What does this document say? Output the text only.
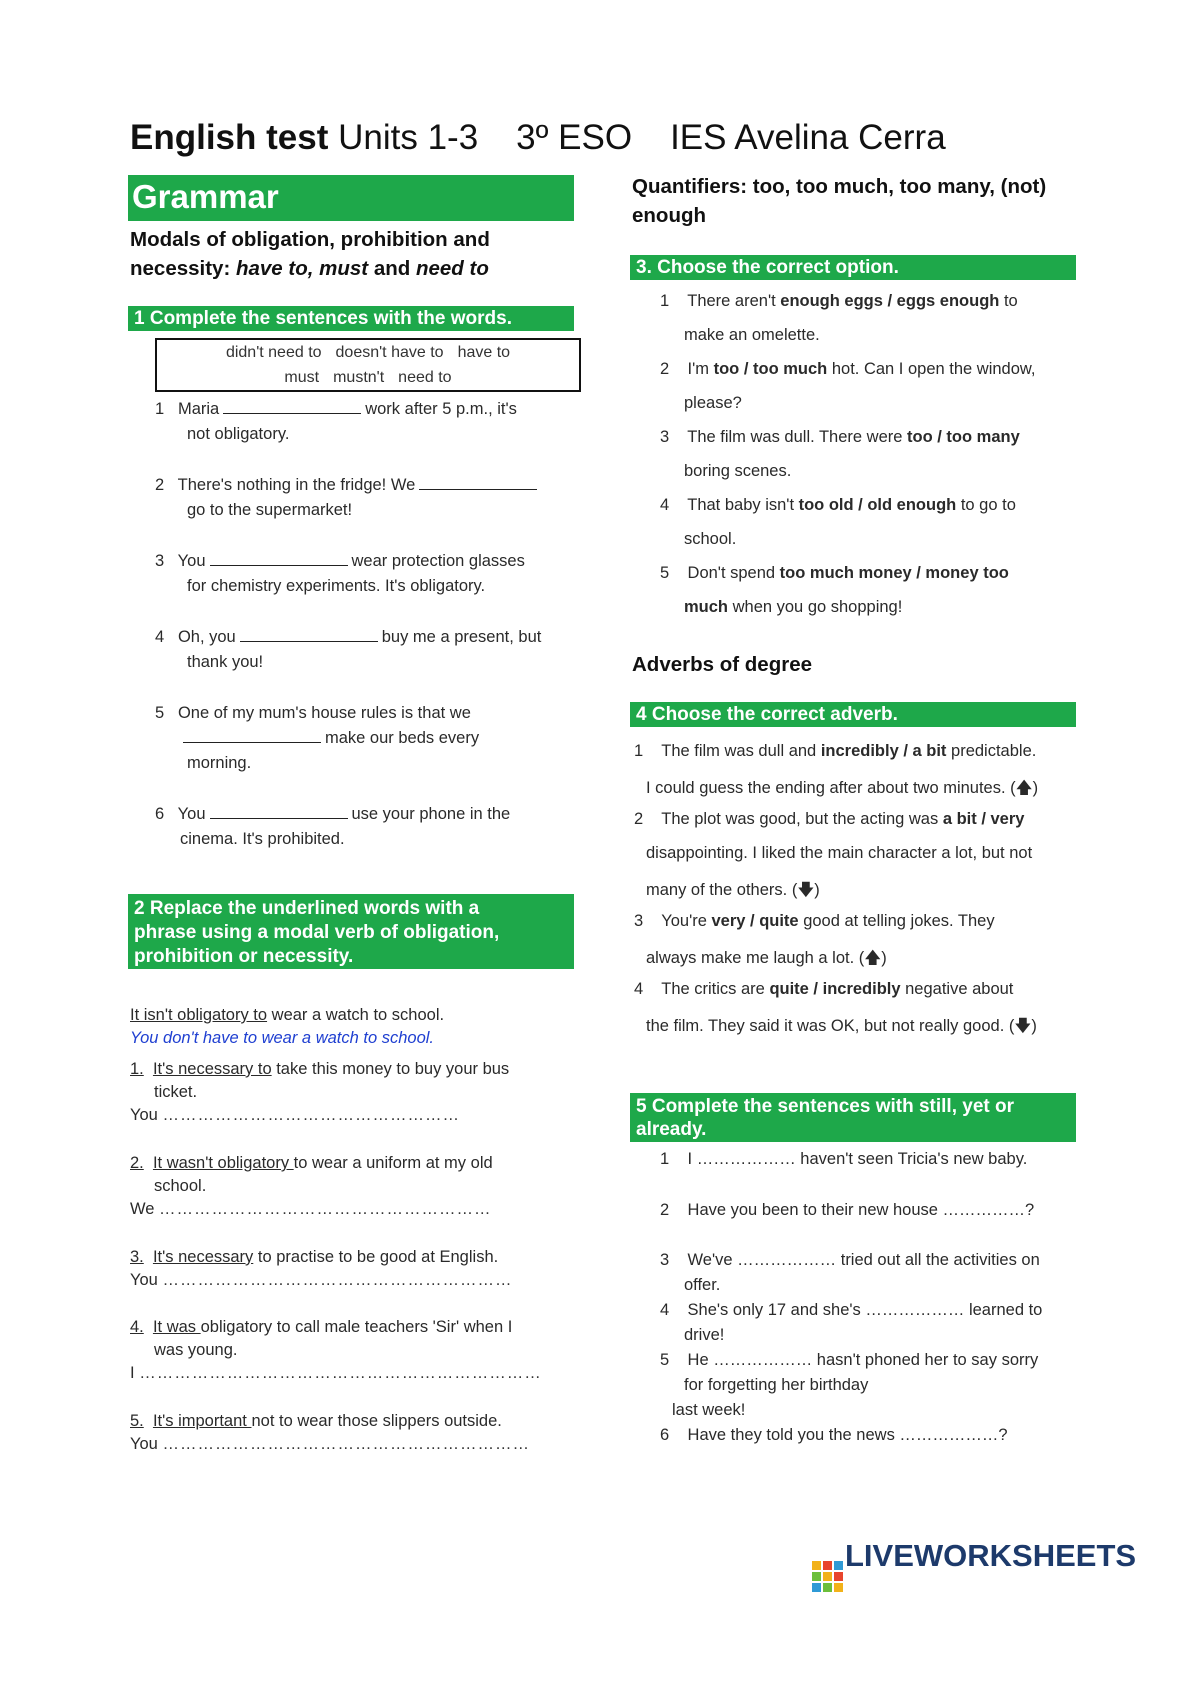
English test Units 1-3 3º ESO IES Avelina Cerra
Grammar
Modals of obligation, prohibition and
necessity: have to, must and need to
1 Complete the sentences with the words.
didn't need to doesn't have to have to
must mustn't need to
1 Maria	work after 5 p.m., it's
not obligatory.
2 There's nothing in the fridge! We
go to the supermarket!
3 You	wear protection glasses
for chemistry experiments. It's obligatory.
4 Oh, you	buy me a present, but
thank you!
5 One of my mum's house rules is that we
make our beds every
morning.
6 You	use your phone in the
cinema. It's prohibited.
2 Replace the underlined words with a
phrase using a modal verb of obligation,
prohibition or necessity.
It isn't obligatory to wear a watch to school.
You don't have to wear a watch to school.
1. It's necessary to take this money to buy your bus
ticket.
You ……………………………………………
2. It wasn't obligatory to wear a uniform at my old
school.
We …………………………………………………
3. It's necessary to practise to be good at English.
You ……………………………………………………
4. It was obligatory to call male teachers 'Sir' when I
was young.
I ……………………………………………………………
5. It's important not to wear those slippers outside.
You ………………………………………………………
Quantifiers: too, too much, too many, (not)
enough
3. Choose the correct option.
1 There aren't enough eggs / eggs enough to
make an omelette.
2 I'm too / too much hot. Can I open the window,
please?
3 The film was dull. There were too / too many
boring scenes.
4 That baby isn't too old / old enough to go to
school.
5 Don't spend too much money / money too
much when you go shopping!
Adverbs of degree
4 Choose the correct adverb.
1 The film was dull and incredibly / a bit predictable.
I could guess the ending after about two minutes. (🡅)
2 The plot was good, but the acting was a bit / very
disappointing. I liked the main character a lot, but not
many of the others. (🡇)
3 You're very / quite good at telling jokes. They
always make me laugh a lot. (🡅)
4 The critics are quite / incredibly negative about
the film. They said it was OK, but not really good. (🡇)
5 Complete the sentences with still, yet or
already.
1 I ……………… haven't seen Tricia's new baby.
2 Have you been to their new house ……………?
3 We've ……………… tried out all the activities on
offer.
4 She's only 17 and she's ……………… learned to
drive!
5 He ……………… hasn't phoned her to say sorry
for forgetting her birthday
last week!
6 Have they told you the news ………………?
LIVEWORKSHEETS
